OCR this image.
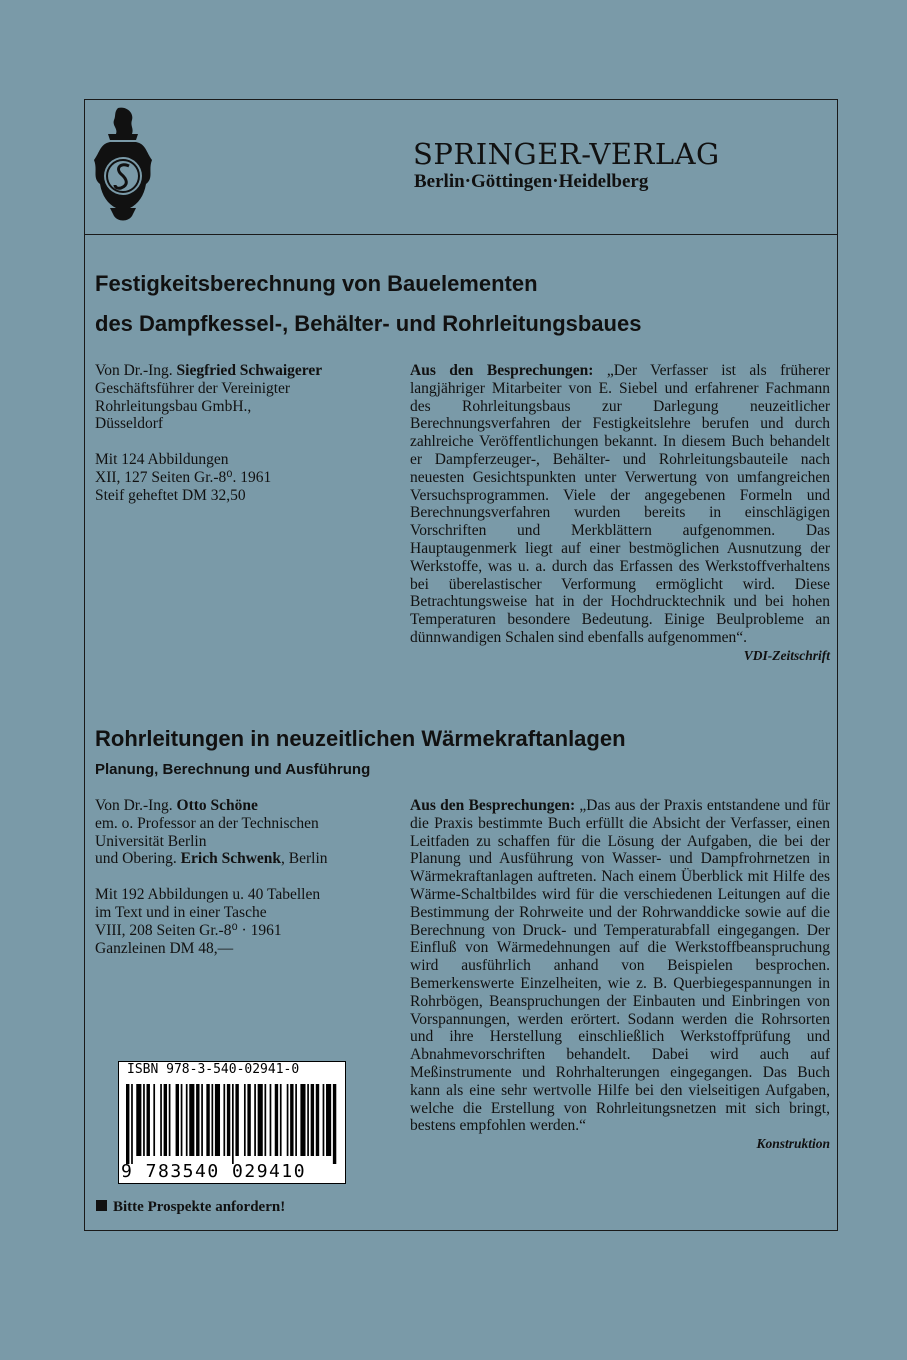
SPRINGER-VERLAG
Berlin·Göttingen·Heidelberg
Festigkeitsberechnung von Bauelementen
des Dampfkessel-, Behälter- und Rohrleitungsbaues

Von Dr.-Ing. Siegfried Schwaigerer

Geschäftsführer der Vereinigter

Rohrleitungsbau GmbH.,

Düsseldorf

Mit 124 Abbildungen

XII, 127 Seiten Gr.-8⁰. 1961

Steif geheftet DM 32,50

Aus den Besprechungen: „Der Verfasser ist als früherer langjähriger Mitarbeiter von E. Siebel und erfahrener Fachmann des Rohrleitungsbaus zur Darlegung neuzeitlicher Berechnungsverfahren der Festigkeitslehre berufen und durch zahlreiche Veröffentlichungen bekannt. In diesem Buch behandelt er Dampferzeuger-, Behälter- und Rohrleitungsbauteile nach neuesten Gesichtspunkten unter Verwertung von umfangreichen Versuchsprogrammen. Viele der angegebenen Formeln und Berechnungsverfahren wurden bereits in einschlägigen Vorschriften und Merkblättern aufgenommen. Das Hauptaugenmerk liegt auf einer bestmöglichen Ausnutzung der Werkstoffe, was u. a. durch das Erfassen des Werkstoffverhaltens bei überelastischer Verformung ermöglicht wird. Diese Betrachtungsweise hat in der Hochdrucktechnik und bei hohen Temperaturen besondere Bedeutung. Einige Beulprobleme an dünnwandigen Schalen sind ebenfalls aufgenommen“.

VDI-Zeitschrift

Rohrleitungen in neuzeitlichen Wärmekraftanlagen
Planung, Berechnung und Ausführung

Von Dr.-Ing. Otto Schöne

em. o. Professor an der Technischen

Universität Berlin

und Obering. Erich Schwenk, Berlin

Mit 192 Abbildungen u. 40 Tabellen

im Text und in einer Tasche

VIII, 208 Seiten Gr.-8⁰ · 1961

Ganzleinen DM 48,—

Aus den Besprechungen: „Das aus der Praxis entstandene und für die Praxis bestimmte Buch erfüllt die Absicht der Verfasser, einen Leitfaden zu schaffen für die Lösung der Aufgaben, die bei der Planung und Ausführung von Wasser- und Dampfrohrnetzen in Wärmekraftanlagen auftreten. Nach einem Überblick mit Hilfe des Wärme-Schaltbildes wird für die verschiedenen Leitungen auf die Bestimmung der Rohrweite und der Rohrwanddicke sowie auf die Berechnung von Druck- und Temperaturabfall eingegangen. Der Einfluß von Wärmedehnungen auf die Werkstoffbeanspruchung wird ausführlich anhand von Beispielen besprochen. Bemerkenswerte Einzelheiten, wie z. B. Querbiegespannungen in Rohrbögen, Beanspruchungen der Einbauten und Einbringen von Vorspannungen, werden erörtert. Sodann werden die Rohrsorten und ihre Herstellung einschließlich Werkstoffprüfung und Abnahmevorschriften behandelt. Dabei wird auch auf Meßinstrumente und Rohrhalterungen eingegangen. Das Buch kann als eine sehr wertvolle Hilfe bei den vielseitigen Aufgaben, welche die Erstellung von Rohrleitungsnetzen mit sich bringt, bestens empfohlen werden.“

Konstruktion

ISBN 978-3-540-02941-0
9 783540 029410
Bitte Prospekte anfordern!
